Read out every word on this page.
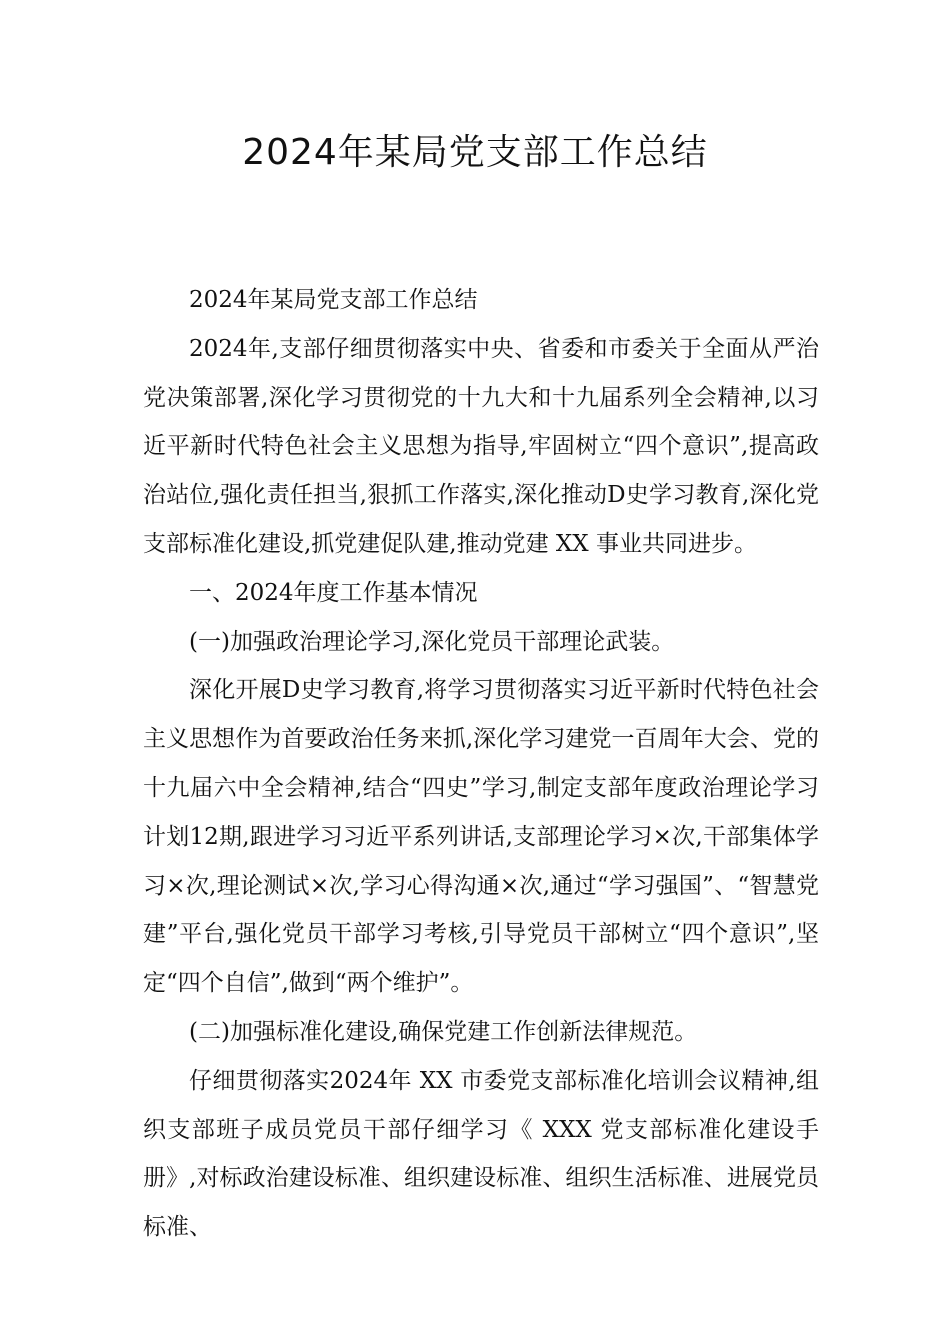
2024年某局党支部工作总结

2024年某局党支部工作总结

2024年,支部仔细贯彻落实中央、省委和市委关于全面从严治党决策部署,深化学习贯彻党的十九大和十九届系列全会精神,以习近平新时代特色社会主义思想为指导,牢固树立“四个意识”,提高政治站位,强化责任担当,狠抓工作落实,深化推动D史学习教育,深化党支部标准化建设,抓党建促队建,推动党建 XX 事业共同进步。

一、2024年度工作基本情况

(一)加强政治理论学习,深化党员干部理论武装。

深化开展D史学习教育,将学习贯彻落实习近平新时代特色社会主义思想作为首要政治任务来抓,深化学习建党一百周年大会、党的十九届六中全会精神,结合“四史”学习,制定支部年度政治理论学习计划12期,跟进学习习近平系列讲话,支部理论学习×次,干部集体学习×次,理论测试×次,学习心得沟通×次,通过“学习强国”、“智慧党建”平台,强化党员干部学习考核,引导党员干部树立“四个意识”,坚定“四个自信”,做到“两个维护”。

(二)加强标准化建设,确保党建工作创新法律规范。

仔细贯彻落实2024年 XX 市委党支部标准化培训会议精神,组织支部班子成员党员干部仔细学习《 XXX 党支部标准化建设手册》,对标政治建设标准、组织建设标准、组织生活标准、进展党员标准、
